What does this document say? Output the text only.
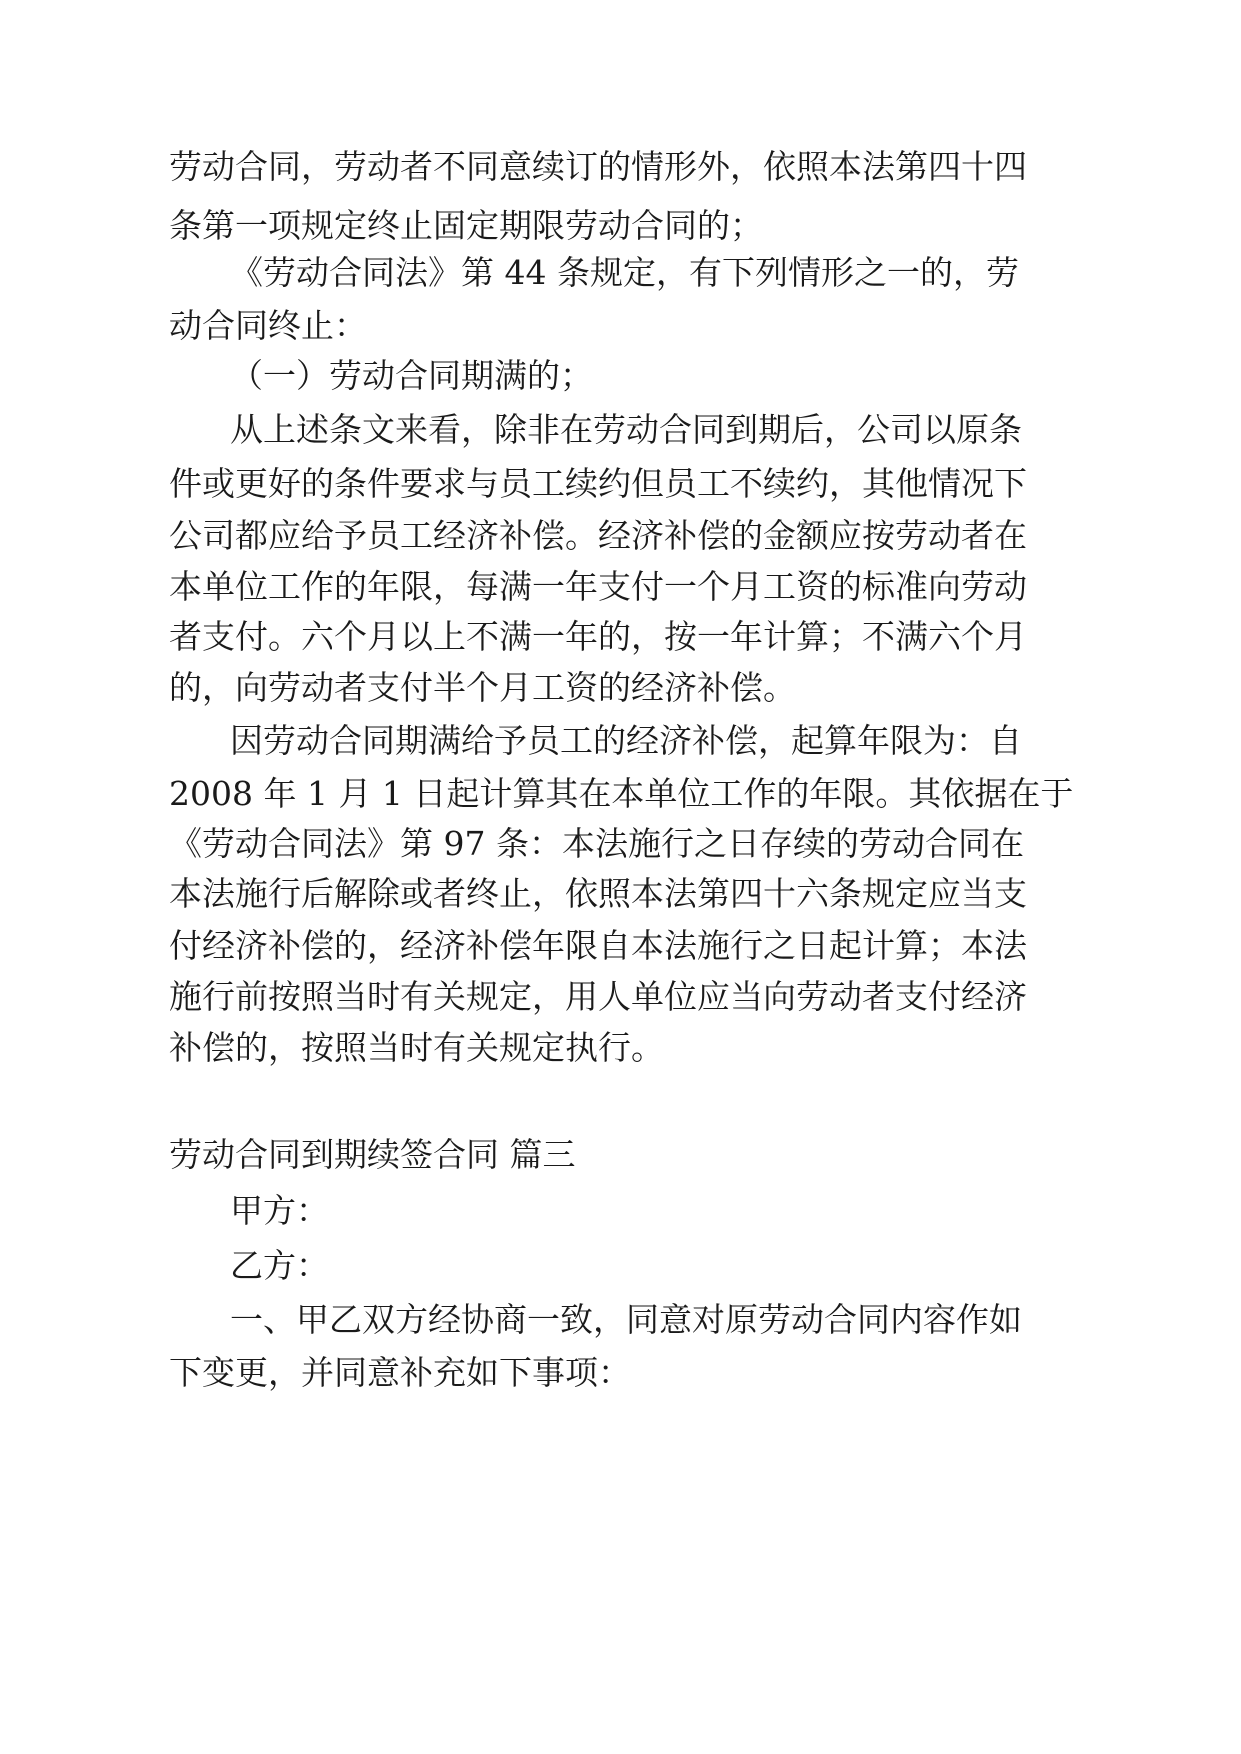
劳动合同，劳动者不同意续订的情形外，依照本法第四十四
条第一项规定终止固定期限劳动合同的；
《劳动合同法》第 44 条规定，有下列情形之一的，劳
动合同终止：
（一）劳动合同期满的；
从上述条文来看，除非在劳动合同到期后，公司以原条
件或更好的条件要求与员工续约但员工不续约，其他情况下
公司都应给予员工经济补偿。经济补偿的金额应按劳动者在
本单位工作的年限，每满一年支付一个月工资的标准向劳动
者支付。六个月以上不满一年的，按一年计算；不满六个月
的，向劳动者支付半个月工资的经济补偿。
因劳动合同期满给予员工的经济补偿，起算年限为：自
2008 年 1 月 1 日起计算其在本单位工作的年限。其依据在于
《劳动合同法》第 97 条：本法施行之日存续的劳动合同在
本法施行后解除或者终止，依照本法第四十六条规定应当支
付经济补偿的，经济补偿年限自本法施行之日起计算；本法
施行前按照当时有关规定，用人单位应当向劳动者支付经济
补偿的，按照当时有关规定执行。
劳动合同到期续签合同 篇三
甲方：
乙方：
一、甲乙双方经协商一致，同意对原劳动合同内容作如
下变更，并同意补充如下事项：
